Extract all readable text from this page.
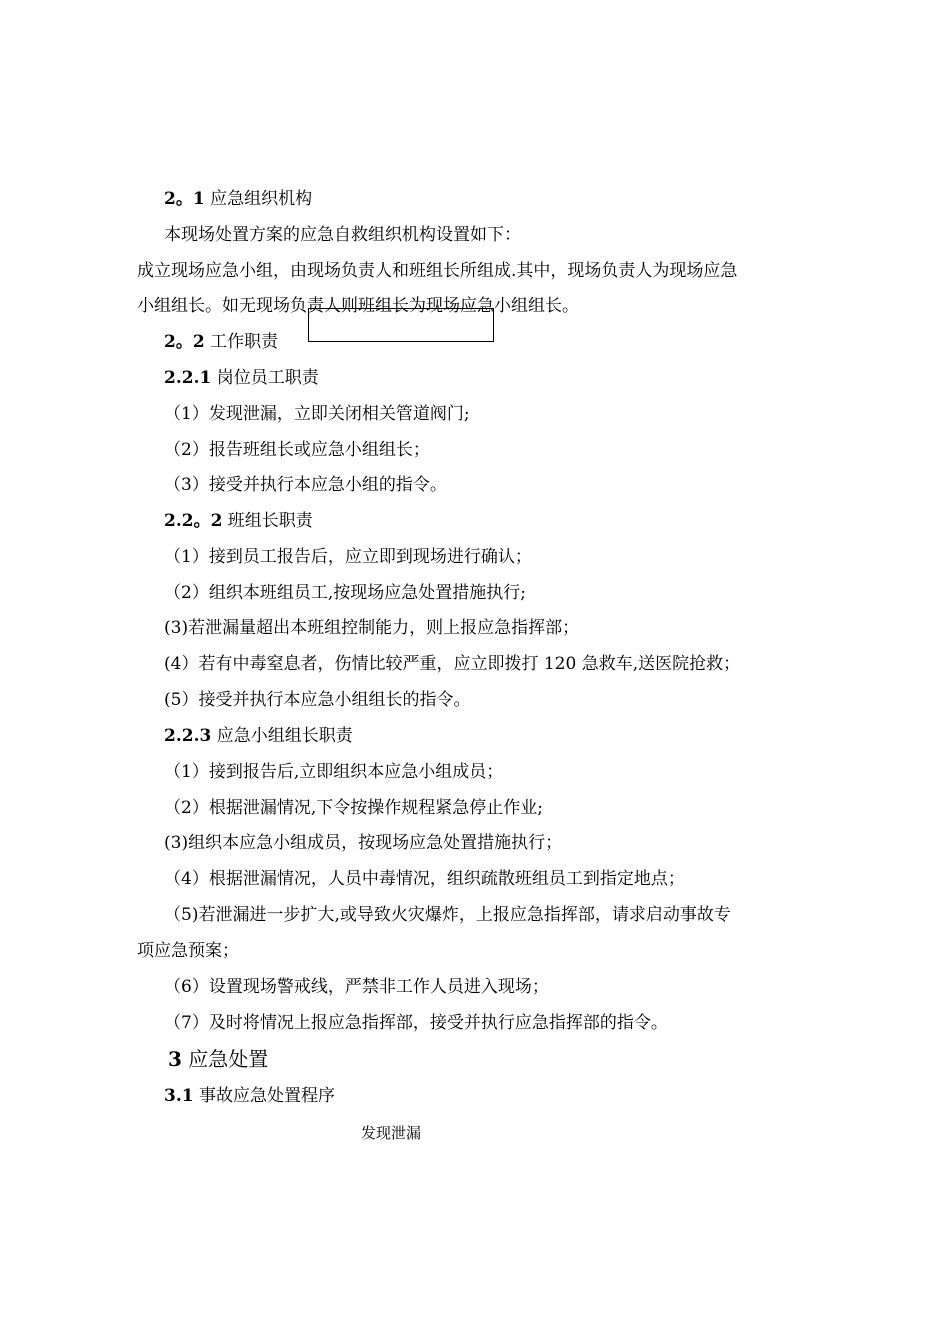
2。1 应急组织机构
本现场处置方案的应急自救组织机构设置如下：
成立现场应急小组，由现场负责人和班组长所组成.其中，现场负责人为现场应急
小组组长。如无现场负责人则班组长为现场应急小组组长。
2。2 工作职责
2.2.1 岗位员工职责
（1）发现泄漏，立即关闭相关管道阀门;
（2）报告班组长或应急小组组长；
（3）接受并执行本应急小组的指令。
2.2。2 班组长职责
（1）接到员工报告后，应立即到现场进行确认；
（2）组织本班组员工,按现场应急处置措施执行;
(3)若泄漏量超出本班组控制能力，则上报应急指挥部；
(4）若有中毒窒息者，伤情比较严重，应立即拨打 120 急救车,送医院抢救；
(5）接受并执行本应急小组组长的指令。
2.2.3 应急小组组长职责
（1）接到报告后,立即组织本应急小组成员；
（2）根据泄漏情况,下令按操作规程紧急停止作业;
(3)组织本应急小组成员，按现场应急处置措施执行；
（4）根据泄漏情况，人员中毒情况，组织疏散班组员工到指定地点；
（5)若泄漏进一步扩大,或导致火灾爆炸，上报应急指挥部，请求启动事故专
项应急预案；
（6）设置现场警戒线，严禁非工作人员进入现场；
（7）及时将情况上报应急指挥部，接受并执行应急指挥部的指令。
3 应急处置
3.1 事故应急处置程序
发现泄漏
